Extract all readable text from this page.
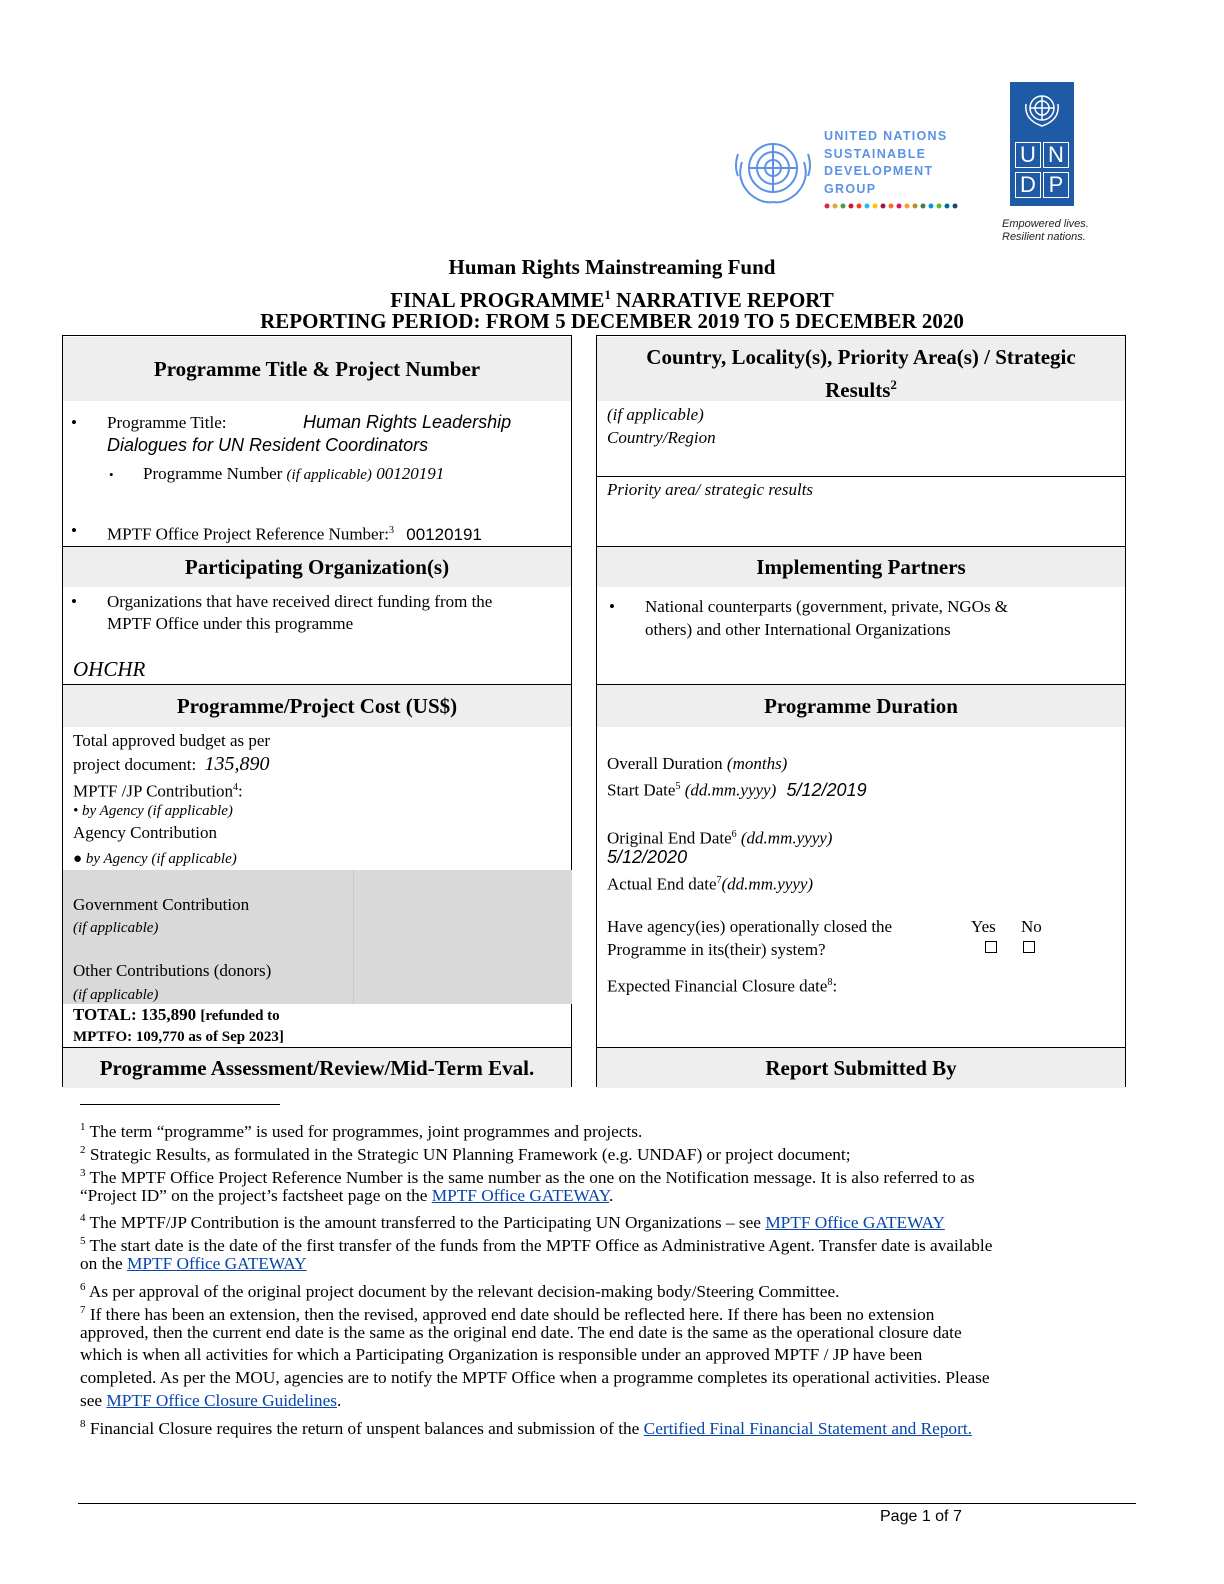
UNITED NATIONS
SUSTAINABLE
DEVELOPMENT
GROUP
U N
D P
Empowered lives.
Resilient nations.
Human Rights Mainstreaming Fund
FINAL PROGRAMME$^1$ NARRATIVE REPORT
REPORTING PERIOD: FROM 5 DECEMBER 2019 TO 5 DECEMBER 2020
Programme Title & Project Number
• Programme Title:	Human Rights Leadership
Dialogues for UN Resident Coordinators
• Programme Number (if applicable) 00120191
• MPTF Office Project Reference Number:$^3$ 00120191
Participating Organization(s)
• Organizations that have received direct funding from the
MPTF Office under this programme
OHCHR
Programme/Project Cost (US$)
Total approved budget as per
project document: 135,890
MPTF /JP Contribution$^4$:
• by Agency (if applicable)
Agency Contribution
● by Agency (if applicable)
Government Contribution
(if applicable)
Other Contributions (donors)
(if applicable)
TOTAL: 135,890 [refunded to
MPTFO: 109,770 as of Sep 2023]
Programme Assessment/Review/Mid-Term Eval.
Country, Locality(s), Priority Area(s) / Strategic
Results$^2$
(if applicable)
Country/Region
Priority area/ strategic results
Implementing Partners
• National counterparts (government, private, NGOs &
others) and other International Organizations
Programme Duration
Overall Duration (months)
Start Date$^5$ (dd.mm.yyyy) 5/12/2019
Original End Date$^6$ (dd.mm.yyyy)
5/12/2020
Actual End date$^7$(dd.mm.yyyy)
Have agency(ies) operationally closed the
Programme in its(their) system?
Yes No
Expected Financial Closure date$^8$:
Report Submitted By
$^1$ The term “programme” is used for programmes, joint programmes and projects.
$^2$ Strategic Results, as formulated in the Strategic UN Planning Framework (e.g. UNDAF) or project document;
$^3$ The MPTF Office Project Reference Number is the same number as the one on the Notification message. It is also referred to as
“Project ID” on the project’s factsheet page on the MPTF Office GATEWAY.
$^4$ The MPTF/JP Contribution is the amount transferred to the Participating UN Organizations – see MPTF Office GATEWAY
$^5$ The start date is the date of the first transfer of the funds from the MPTF Office as Administrative Agent. Transfer date is available
on the MPTF Office GATEWAY
$^6$ As per approval of the original project document by the relevant decision-making body/Steering Committee.
$^7$ If there has been an extension, then the revised, approved end date should be reflected here. If there has been no extension
approved, then the current end date is the same as the original end date. The end date is the same as the operational closure date
which is when all activities for which a Participating Organization is responsible under an approved MPTF / JP have been
completed. As per the MOU, agencies are to notify the MPTF Office when a programme completes its operational activities. Please
see MPTF Office Closure Guidelines.
$^8$ Financial Closure requires the return of unspent balances and submission of the Certified Final Financial Statement and Report.
Page 1 of 7
